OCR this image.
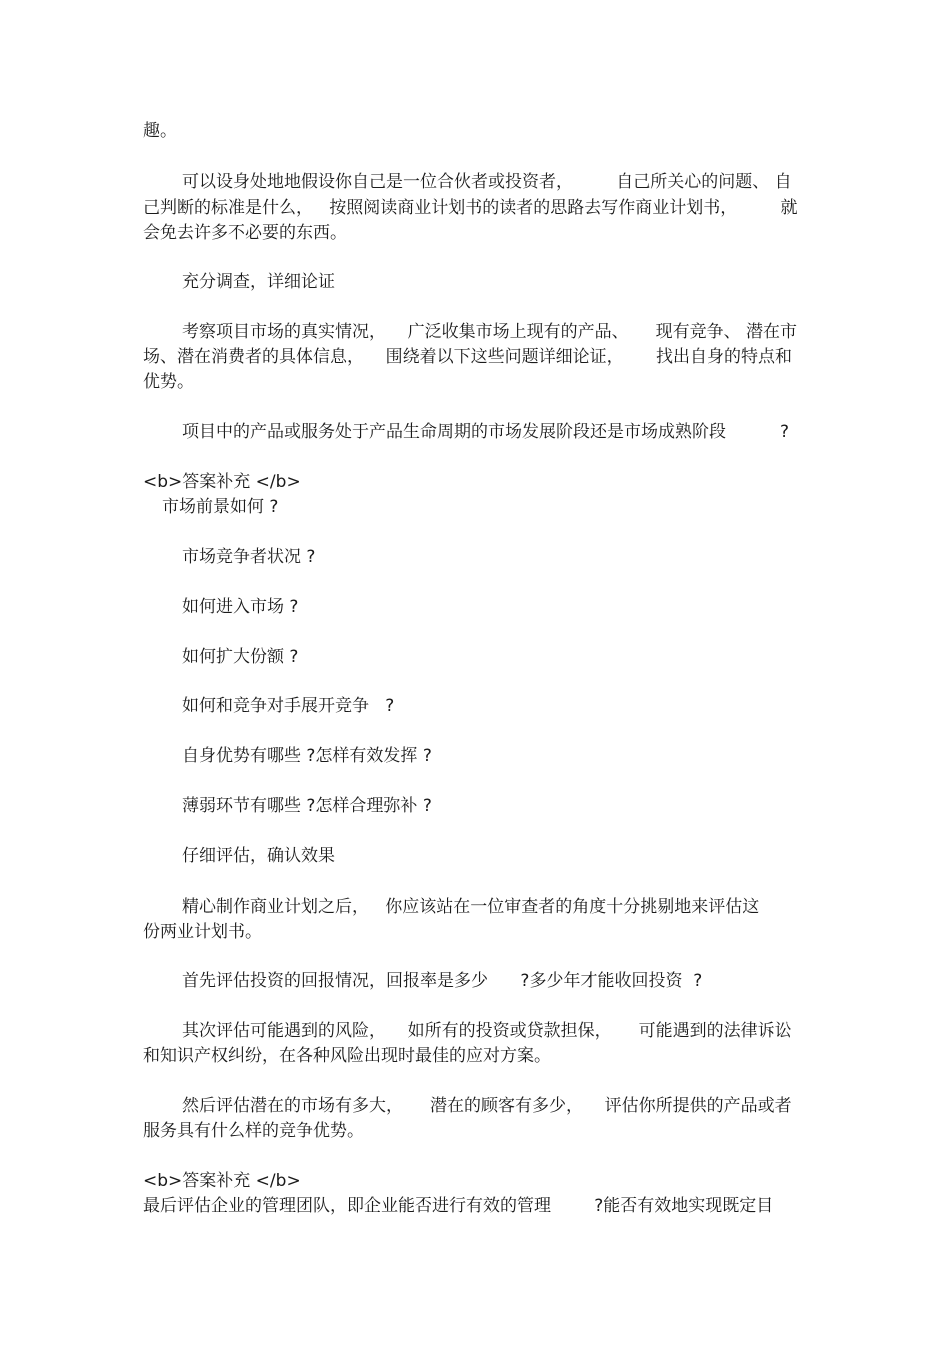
趣。
可以设身处地地假设你自己是一位合伙者或投资者，        自己所关心的问题、 自
己判断的标准是什么，   按照阅读商业计划书的读者的思路去写作商业计划书，        就
会免去许多不必要的东西。
充分调查，详细论证
考察项目市场的真实情况，    广泛收集市场上现有的产品、     现有竞争、 潜在市
场、潜在消费者的具体信息，    围绕着以下这些问题详细论证，      找出自身的特点和
优势。
项目中的产品或服务处于产品生命周期的市场发展阶段还是市场成熟阶段          ?
<b>答案补充 </b>
市场前景如何 ?
市场竞争者状况 ?
如何进入市场 ?
如何扩大份额 ?
如何和竞争对手展开竞争   ?
自身优势有哪些 ?怎样有效发挥 ?
薄弱环节有哪些 ?怎样合理弥补 ?
仔细评估，确认效果
精心制作商业计划之后，   你应该站在一位审查者的角度十分挑剔地来评估这
份两业计划书。
首先评估投资的回报情况，回报率是多少      ?多少年才能收回投资  ?
其次评估可能遇到的风险，    如所有的投资或贷款担保，     可能遇到的法律诉讼
和知识产权纠纷，在各种风险出现时最佳的应对方案。
然后评估潜在的市场有多大，     潜在的顾客有多少，    评估你所提供的产品或者
服务具有什么样的竞争优势。
<b>答案补充 </b>
最后评估企业的管理团队，即企业能否进行有效的管理        ?能否有效地实现既定目
